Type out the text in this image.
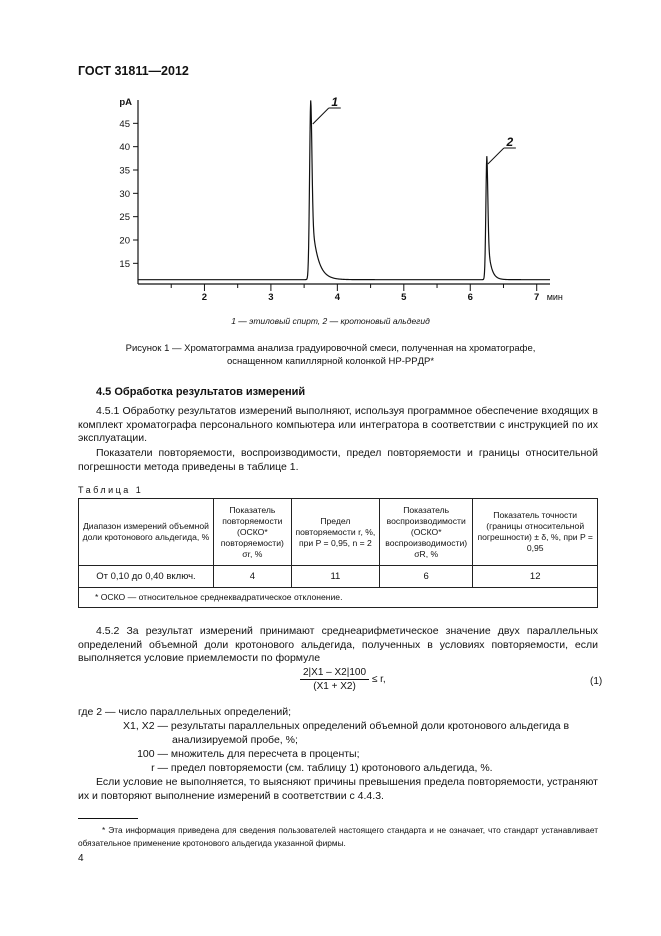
ГОСТ 31811—2012
15
20
25
30
35
40
45
pA
2	3	4	5	6	7 мин
1
2
1 — этиловый спирт, 2 — кротоновый альдегид
Рисунок 1 — Хроматограмма анализа градуировочной смеси, полученная на хроматографе,
оснащенном капиллярной колонкой HP-PPДP*
4.5 Обработка результатов измерений
4.5.1 Обработку результатов измерений выполняют, используя программное обеспечение входящих в комплект хроматографа персонального компьютера или интегратора в соответствии с инструкцией по их эксплуатации.
Показатели повторяемости, воспроизводимости, предел повторяемости и границы относительной погрешности метода приведены в таблице 1.
Таблица 1
Диапазон измерений объемной доли кротонового альдегида, %	Показатель повторяемости (ОСКО* повторяемости) σr, %	Предел повторяемости r, %, при P = 0,95, n = 2	Показатель воспроизводимости (ОСКО* воспроизводимости) σR, %	Показатель точности (границы относительной погрешности) ± δ, %, при P = 0,95
От 0,10 до 0,40 включ.	4	11	6	12
* ОСКО — относительное среднеквадратическое отклонение.				
4.5.2 За результат измерений принимают среднеарифметическое значение двух параллельных определений объемной доли кротонового альдегида, полученных в условиях повторяемости, если выполняется условие приемлемости по формуле
$\frac{2|X1 - X2|100}{(X1 + X2)} \le r$,	(1)
где 2 — число параллельных определений;
X1, X2 — результаты параллельных определений объемной доли кротонового альдегида в анализируемой пробе, %;
100 — множитель для пересчета в проценты;
r — предел повторяемости (см. таблицу 1) кротонового альдегида, %.
Если условие не выполняется, то выясняют причины превышения предела повторяемости, устраняют их и повторяют выполнение измерений в соответствии с 4.4.3.
* Эта информация приведена для сведения пользователей настоящего стандарта и не означает, что стандарт устанавливает обязательное применение кротонового альдегида указанной фирмы.
4
